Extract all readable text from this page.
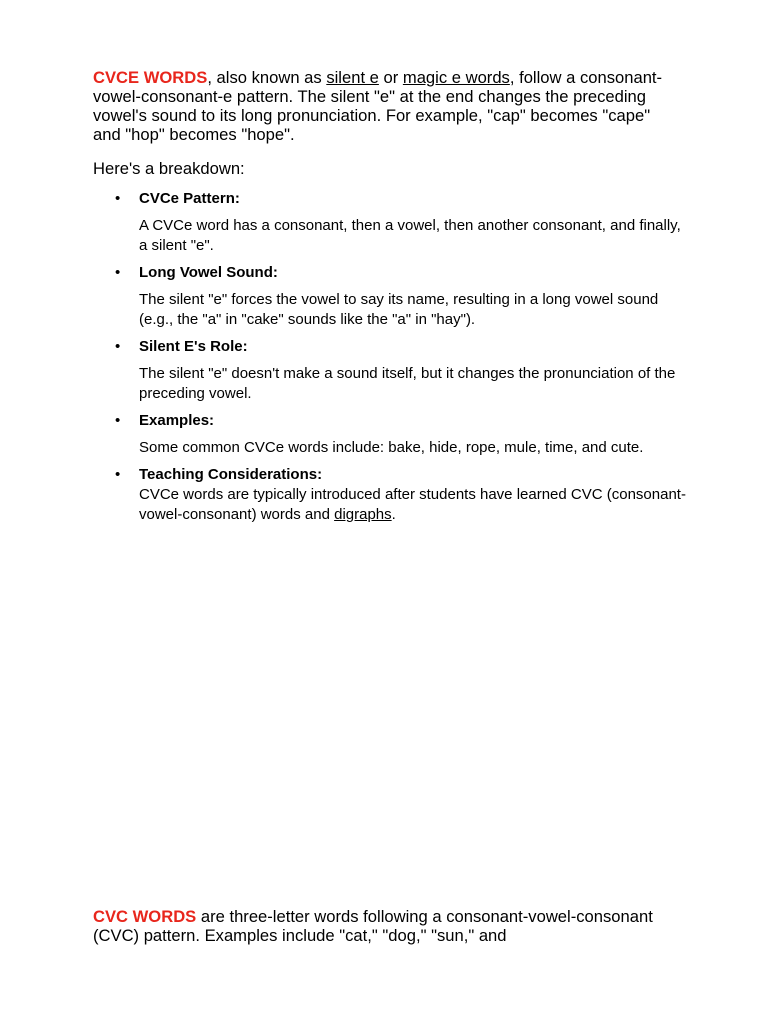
CVCE WORDS, also known as silent e or magic e words, follow a consonant-vowel-consonant-e pattern. The silent "e" at the end changes the preceding vowel's sound to its long pronunciation. For example, "cap" becomes "cape" and "hop" becomes "hope".

Here's a breakdown:

• CVCe Pattern:
A CVCe word has a consonant, then a vowel, then another consonant, and finally, a silent "e".
• Long Vowel Sound:
The silent "e" forces the vowel to say its name, resulting in a long vowel sound (e.g., the "a" in "cake" sounds like the "a" in "hay").
• Silent E's Role:
The silent "e" doesn't make a sound itself, but it changes the pronunciation of the preceding vowel.
• Examples:
Some common CVCe words include: bake, hide, rope, mule, time, and cute.
• Teaching Considerations:
CVCe words are typically introduced after students have learned CVC (consonant-vowel-consonant) words and digraphs.

CVC WORDS are three-letter words following a consonant-vowel-consonant (CVC) pattern. Examples include "cat," "dog," "sun," and
